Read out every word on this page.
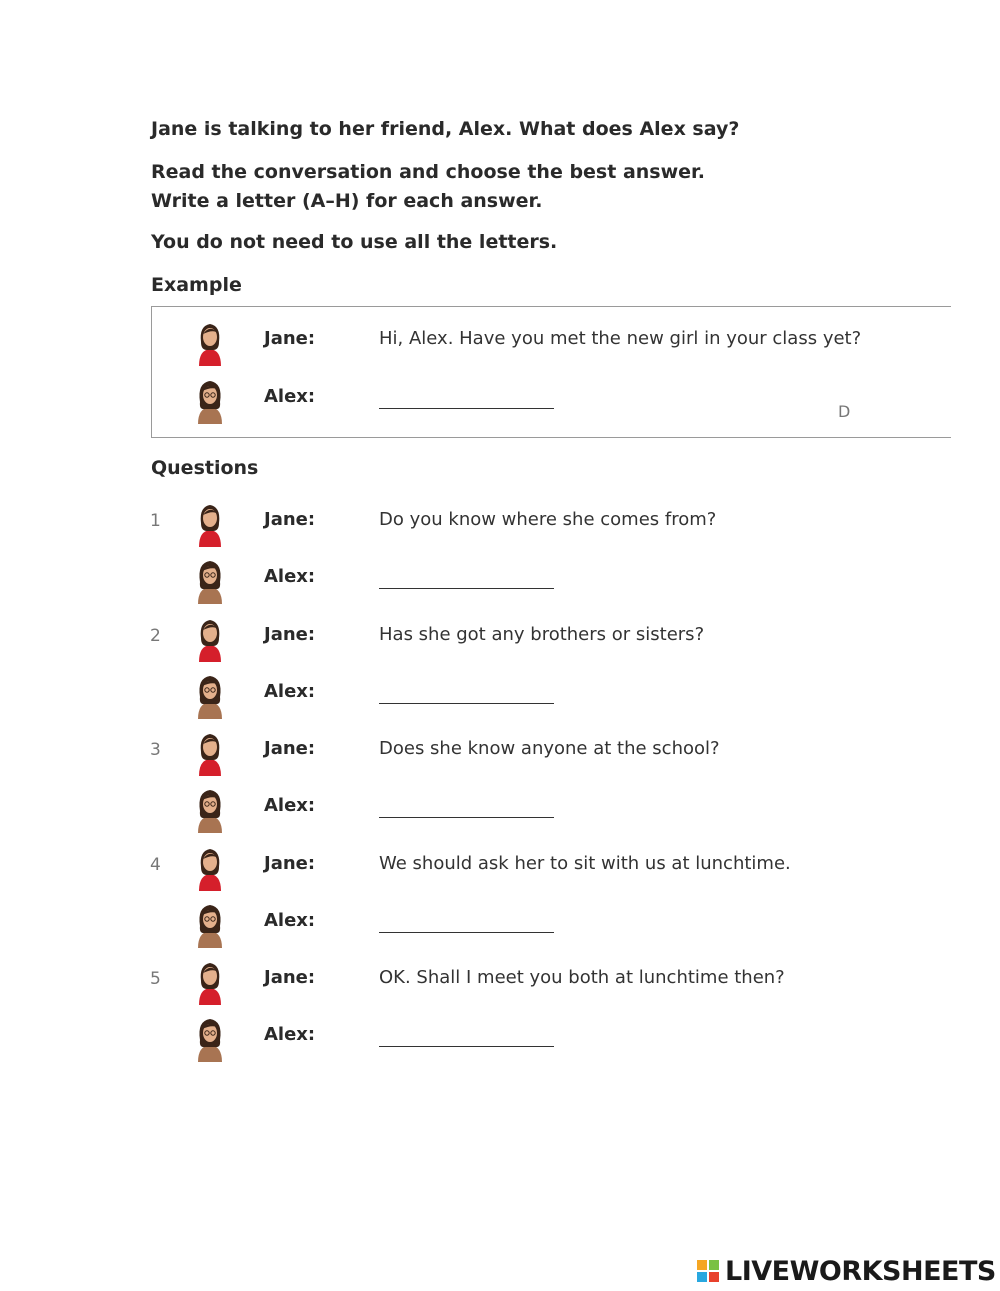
Jane is talking to her friend, Alex. What does Alex say?

Read the conversation and choose the best answer.

Write a letter (A–H) for each answer.

You do not need to use all the letters.

Example

Jane:	Hi, Alex. Have you met the new girl in your class yet?
Alex:
D

Questions

1	Jane:	Do you know where she comes from?
Alex:
2	Jane:	Has she got any brothers or sisters?
Alex:
3	Jane:	Does she know anyone at the school?
Alex:
4	Jane:	We should ask her to sit with us at lunchtime.
Alex:
5	Jane:	OK. Shall I meet you both at lunchtime then?
Alex:
LIVEWORKSHEETS
